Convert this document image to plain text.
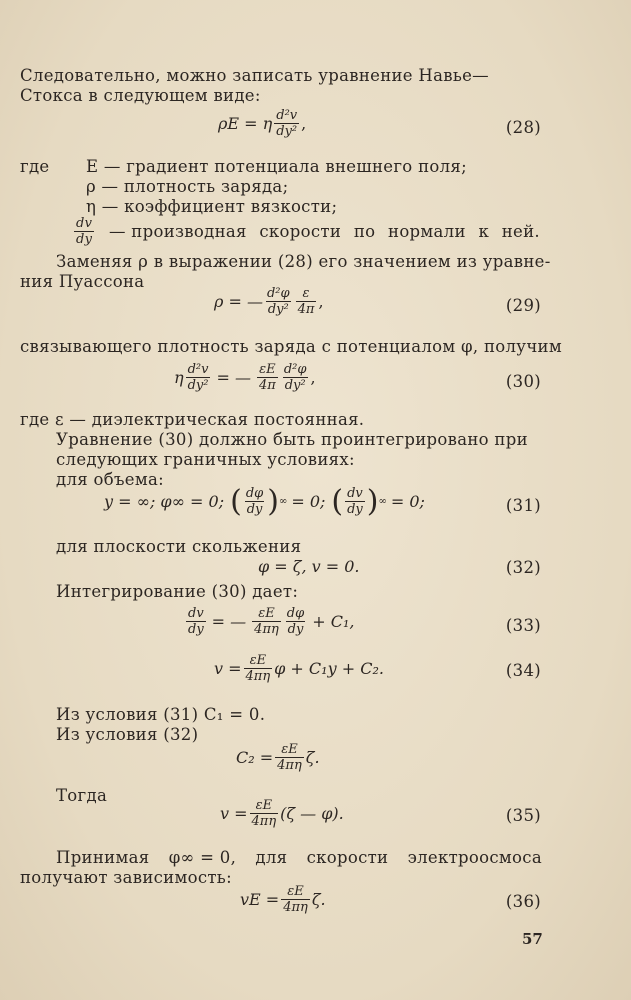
Следовательно, можно записать уравнение Навье—
Стокса в следующем виде:
ρE = η $\frac{\text{d²v}}{\text{dy²}}$ ,	(28)
где E — градиент потенциала внешнего поля;
ρ — плотность заряда;
η — коэффициент вязкости;
$\frac{dv}{dy}$ — производная скорости по нормали к ней.
Заменяя ρ в выражении (28) его значением из уравне-
ния Пуассона
ρ = — $\frac{\text{d²φ}}{\text{dy²}} \frac{\varepsilon}{4\pi}$ ,	(29)
связывающего плотность заряда с потенциалом φ, получим
η $\frac{\text{d²v}}{\text{dy²}}$ = — $\frac{\varepsilon E}{4\pi} \frac{\text{d²φ}}{\text{dy²}}$ ,	(30)
где ε — диэлектрическая постоянная.
Уравнение (30) должно быть проинтегрировано при
следующих граничных условиях:
для объема:
y = ∞; φ∞ = 0; ( $\frac{d\varphi}{dy}$ ) ∞ = 0; ( $\frac{dv}{dy}$ ) ∞ = 0;	(31)
для плоскости скольжения
φ = ζ, v = 0.	(32)
Интегрирование (30) дает:
$\frac{dv}{dy}$ = — $\frac{\varepsilon E}{4\pi\eta} \frac{d\varphi}{dy} + C_1$,	(33)
$v = \frac{\varepsilon E}{4\pi\eta}$ φ + C₁y + C₂.	(34)
Из условия (31) C₁ = 0.
Из условия (32)
$C_2 = \frac{\varepsilon E}{4\pi\eta} \zeta$.
Тогда
$v = \frac{\varepsilon E}{4\pi\eta} (\zeta$ — φ).	(35)
Принимая φ∞ = 0, для скорости электроосмоса
получают зависимость:
vE = $\frac{\varepsilon E}{4\pi\eta} \zeta$.	(36)
57
